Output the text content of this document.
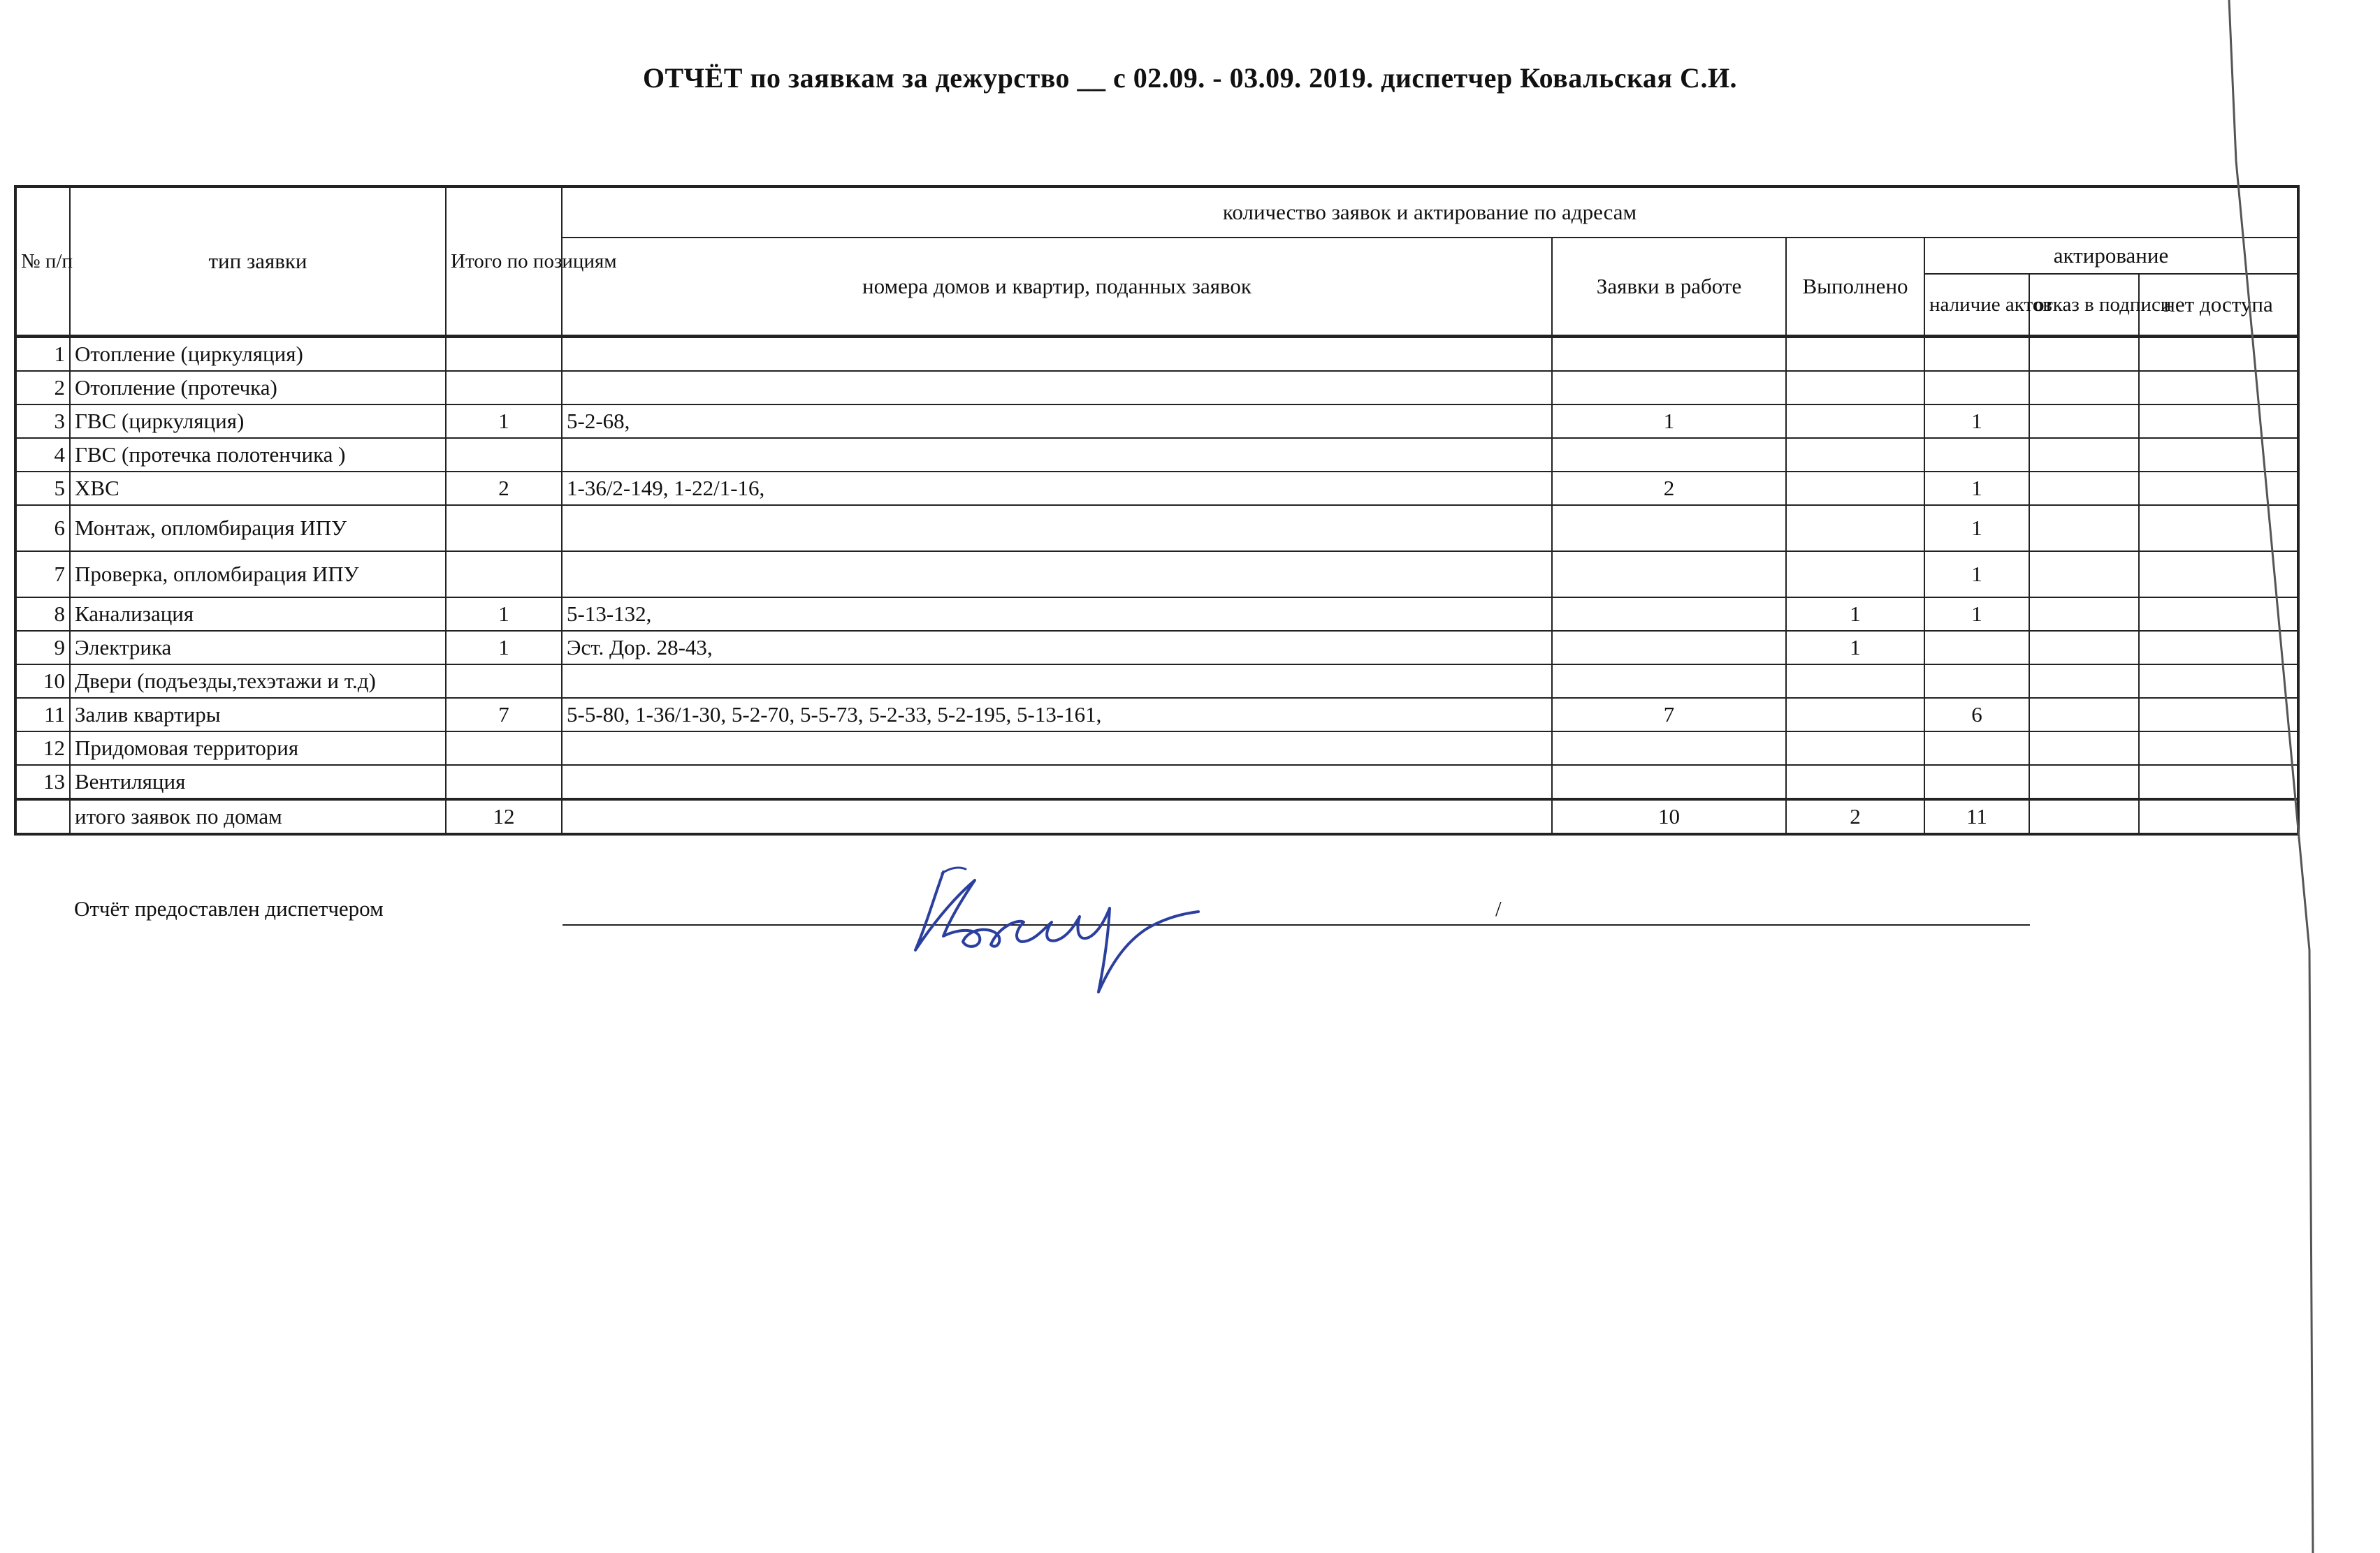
ОТЧЁТ по заявкам за дежурство __ с 02.09. - 03.09. 2019. диспетчер Ковальская С.И.
№ п/п	тип заявки	Итого по позициям	количество заявок и актирование по адресам					
			номера домов и квартир, поданных заявок	Заявки в работе	Выполнено	актирование		
						наличие актов	отказ в подписи	нет доступа
1	Отопление (циркуляция)							
2	Отопление (протечка)							
3	ГВС (циркуляция)	1	5-2-68,	1		1		
4	ГВС (протечка полотенчика )							
5	ХВС	2	1-36/2-149, 1-22/1-16,	2		1		
6	Монтаж, опломбирация ИПУ					1		
7	Проверка, опломбирация ИПУ					1		
8	Канализация	1	5-13-132,		1	1		
9	Электрика	1	Эст. Дор. 28-43,		1			
10	Двери (подъезды,техэтажи и т.д)							
11	Залив квартиры	7	5-5-80, 1-36/1-30, 5-2-70, 5-5-73, 5-2-33, 5-2-195, 5-13-161,	7		6		
12	Придомовая территория							
13	Вентиляция							
	итого заявок по домам	12		10	2	11		
Отчёт предоставлен диспетчером	/
